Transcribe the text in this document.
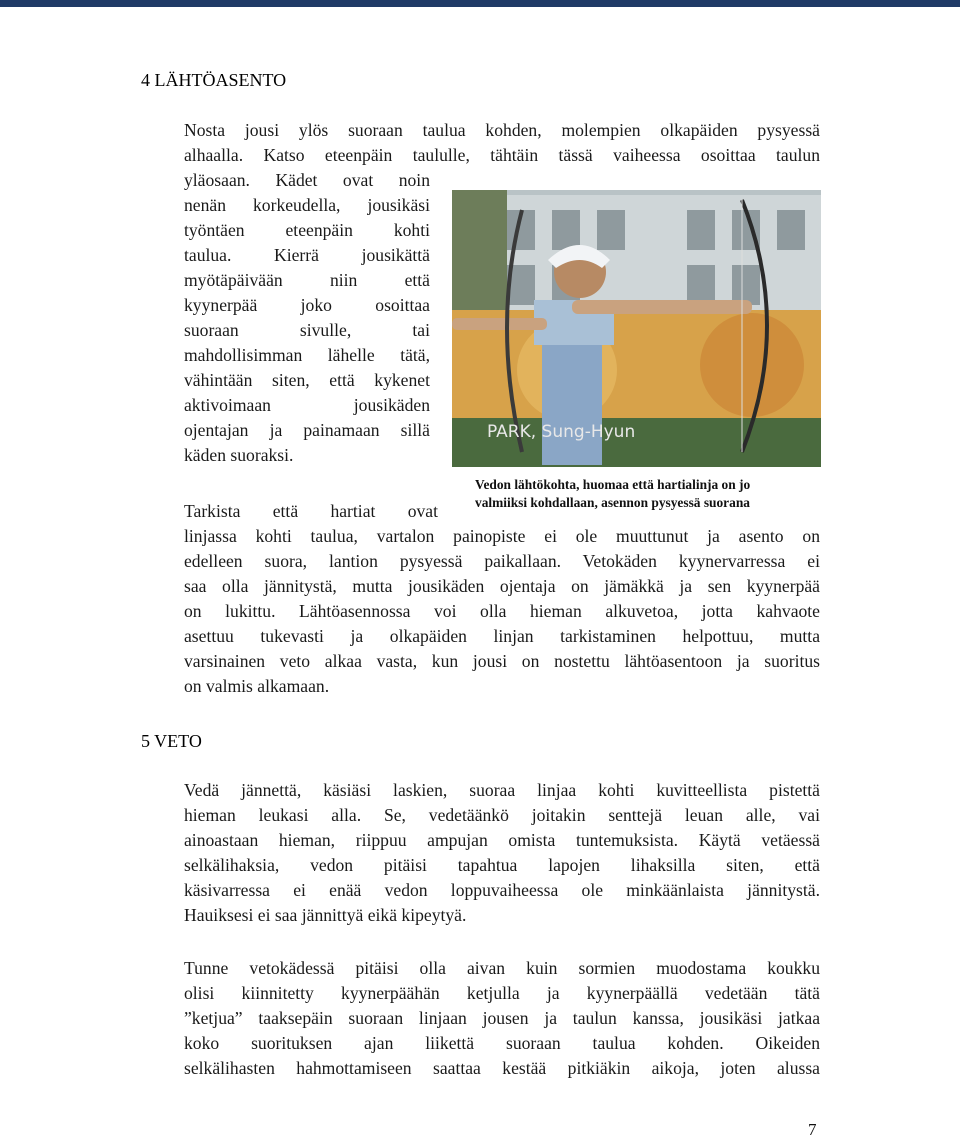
4 LÄHTÖASENTO
Nosta jousi ylös suoraan taulua kohden, molempien olkapäiden pysyessä
alhaalla. Katso eteenpäin taululle, tähtäin tässä vaiheessa osoittaa taulun
yläosaan. Kädet ovat noin
nenän korkeudella, jousikäsi
työntäen eteenpäin kohti
taulua. Kierrä jousikättä
myötäpäivään niin että
kyynerpää joko osoittaa
suoraan sivulle, tai
mahdollisimman lähelle tätä,
vähintään siten, että kykenet
aktivoimaan jousikäden
ojentajan ja painamaan sillä
käden suoraksi.
PARK, Sung-Hyun
Vedon lähtökohta, huomaa että hartialinja on jo
valmiiksi kohdallaan, asennon pysyessä suorana
Tarkista että hartiat ovat
linjassa kohti taulua, vartalon painopiste ei ole muuttunut ja asento on
edelleen suora, lantion pysyessä paikallaan. Vetokäden kyynervarressa ei
saa olla jännitystä, mutta jousikäden ojentaja on jämäkkä ja sen kyynerpää
on lukittu. Lähtöasennossa voi olla hieman alkuvetoa, jotta kahvaote
asettuu tukevasti ja olkapäiden linjan tarkistaminen helpottuu, mutta
varsinainen veto alkaa vasta, kun jousi on nostettu lähtöasentoon ja suoritus
on valmis alkamaan.
5 VETO
Vedä jännettä, käsiäsi laskien, suoraa linjaa kohti kuvitteellista pistettä
hieman leukasi alla. Se, vedetäänkö joitakin senttejä leuan alle, vai
ainoastaan hieman, riippuu ampujan omista tuntemuksista. Käytä vetäessä
selkälihaksia, vedon pitäisi tapahtua lapojen lihaksilla siten, että
käsivarressa ei enää vedon loppuvaiheessa ole minkäänlaista jännitystä.
Hauiksesi ei saa jännittyä eikä kipeytyä.
Tunne vetokädessä pitäisi olla aivan kuin sormien muodostama koukku
olisi kiinnitetty kyynerpäähän ketjulla ja kyynerpäällä vedetään tätä
”ketjua” taaksepäin suoraan linjaan jousen ja taulun kanssa, jousikäsi jatkaa
koko suorituksen ajan liikettä suoraan taulua kohden. Oikeiden
selkälihasten hahmottamiseen saattaa kestää pitkiäkin aikoja, joten alussa
7
